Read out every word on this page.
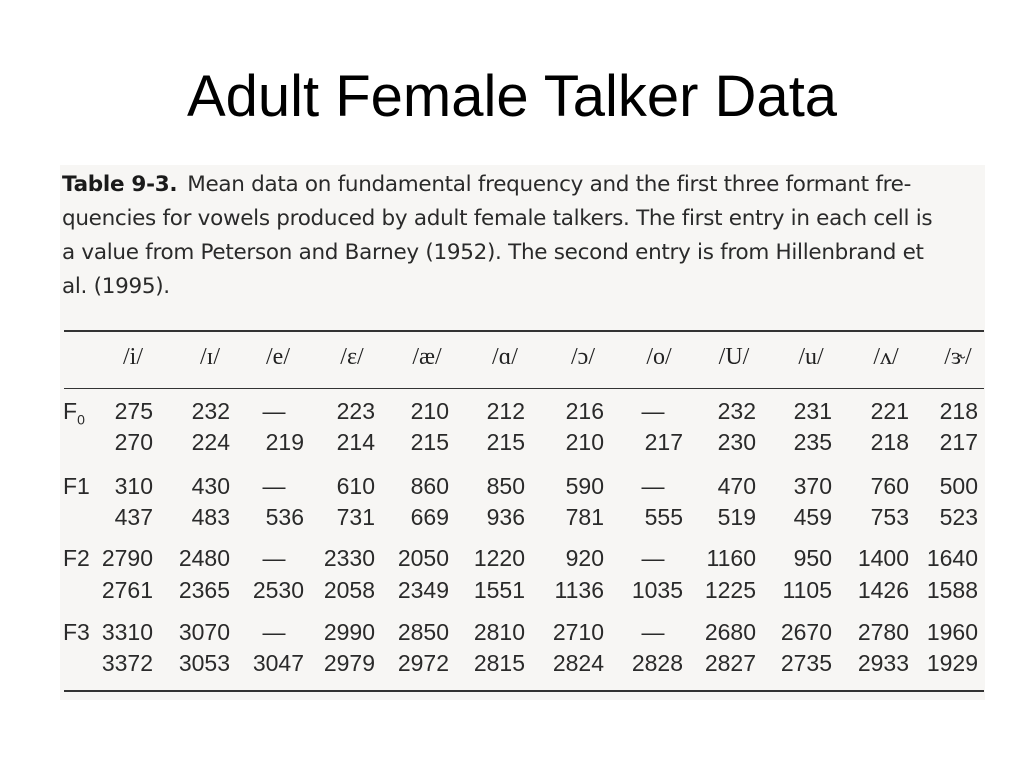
Adult Female Talker Data
Table 9-3. Mean data on fundamental frequency and the first three formant fre-
quencies for vowels produced by adult female talkers. The first entry in each cell is
a value from Peterson and Barney (1952). The second entry is from Hillenbrand et
al. (1995).
/i/ /ɪ/ /e/ /ɛ/ /æ/ /ɑ/ /ɔ/ /o/ /U/ /u/ /ʌ/ /ɝ/
$F_0$	275	232	—	223	210	212	216	—	232	231	221	218
270	224	219	214	215	215	210	217	230	235	218	217
F1	310	430	—	610	860	850	590	—	470	370	760	500
437	483	536	731	669	936	781	555	519	459	753	523
F2 2790	2480	—	2330 2050	1220	920	—	1160	950	1400 1640
2761	2365 2530 2058 2349	1551	1136	1035 1225	1105	1426 1588
F3 3310	3070	—	2990 2850	2810	2710	—	2680	2670	2780 1960
3372	3053 3047 2979 2972	2815	2824	2828 2827	2735	2933 1929
